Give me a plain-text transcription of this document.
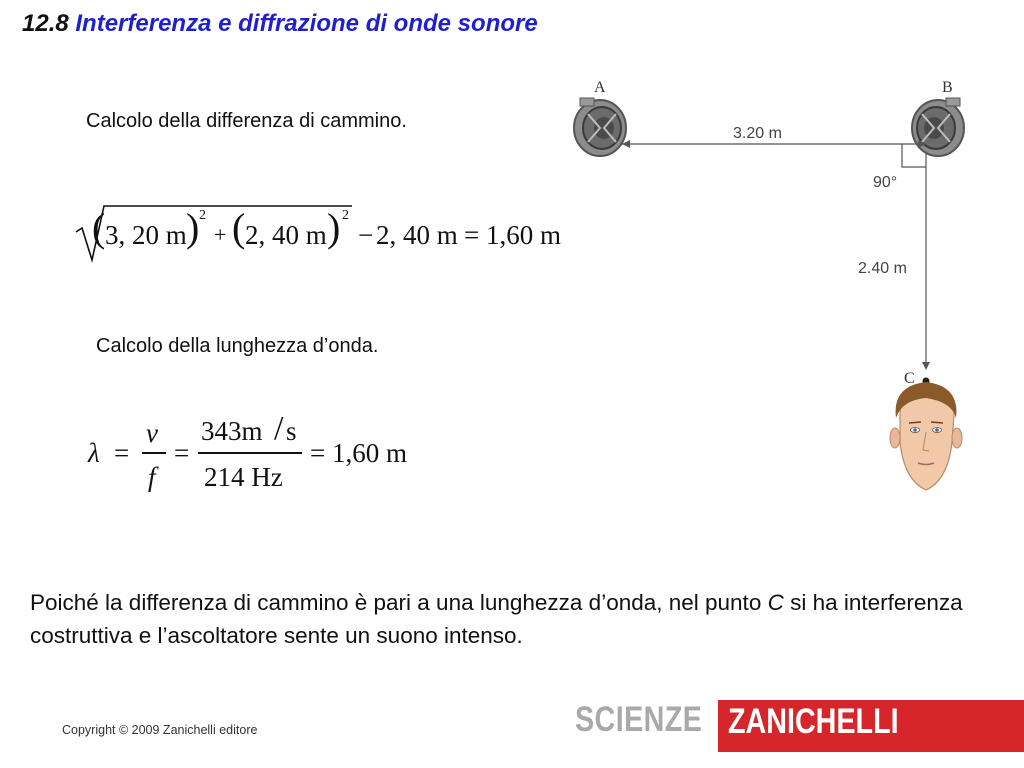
12.8 Interferenza e diffrazione di onde sonore
Calcolo della differenza di cammino.
( 3, 20 m ) 2
+ ( 2, 40 m ) 2
− 2, 40 m = 1,60 m
Calcolo della lunghezza d’onda.
λ =
v
f
=
343m / s
214 Hz
= 1,60 m
A	B
3.20 m
90°
2.40 m
C
Poiché la differenza di cammino è pari a una lunghezza d’onda, nel punto C si ha interferenza costruttiva e l’ascoltatore sente un suono intenso.
Copyright © 2009 Zanichelli editore	SCIENZE ZANICHELLI
